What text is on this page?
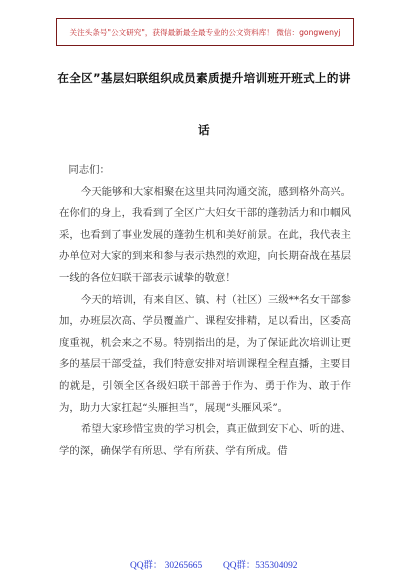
关注头条号"公文研究"，获得最新最全最专业的公文资料库！ 微信：gongwenyj
在全区”基层妇联组织成员素质提升培训班开班式上的讲
话

同志们：

今天能够和大家相聚在这里共同沟通交流，感到格外高兴。在你们的身上，我看到了全区广大妇女干部的蓬勃活力和巾帼风采，也看到了事业发展的蓬勃生机和美好前景。在此，我代表主办单位对大家的到来和参与表示热烈的欢迎，向长期奋战在基层一线的各位妇联干部表示诚挚的敬意！

今天的培训，有来自区、镇、村（社区）三级**名女干部参加，办班层次高、学员覆盖广、课程安排精，足以看出，区委高度重视，机会来之不易。特别指出的是，为了保证此次培训让更多的基层干部受益，我们特意安排对培训课程全程直播，主要目的就是，引领全区各级妇联干部善于作为、勇于作为、敢于作为，助力大家扛起“头雁担当”，展现“头雁风采”。

希望大家珍惜宝贵的学习机会，真正做到安下心、听的进、学的深，确保学有所思、学有所获、学有所成。借

QQ群： 30265665 QQ群：535304092
